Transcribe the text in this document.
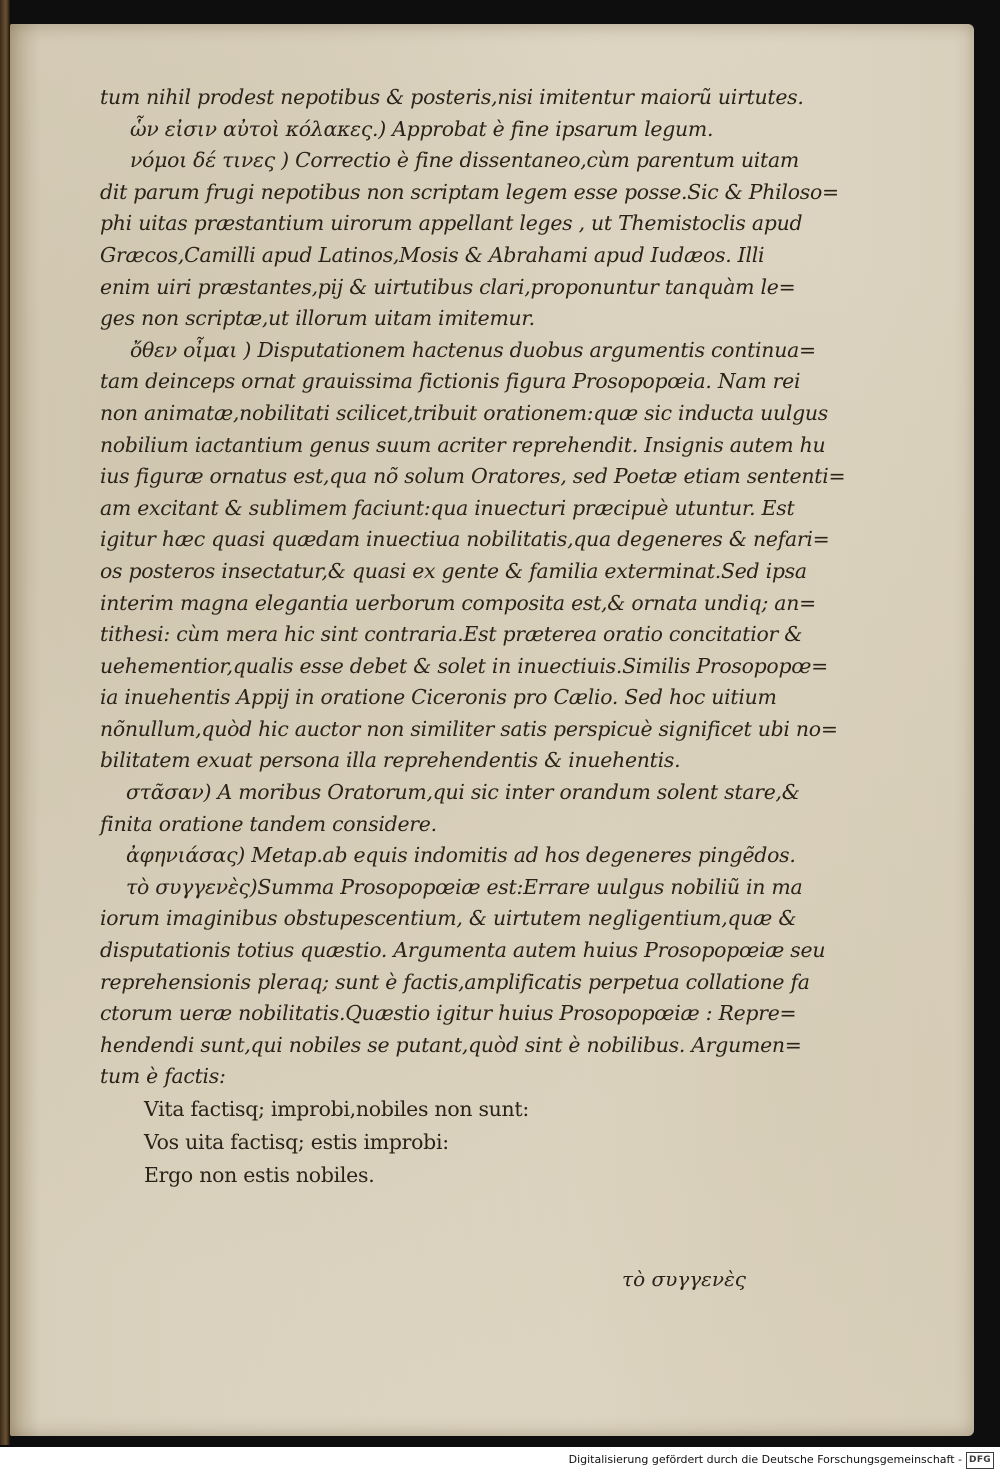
tum nihil prodest nepotibus & posteris,nisi imitentur maiorũ uirtutes.
ὧν εἰσιν αὐτοὶ κόλακες.) Approbat è fine ipsarum legum.
νόμοι δέ τινες ) Correctio è fine dissentaneo,cùm parentum uitam
dit parum frugi nepotibus non scriptam legem esse posse.Sic & Philoso=
phi uitas præstantium uirorum appellant leges , ut Themistoclis apud
Græcos,Camilli apud Latinos,Mosis & Abrahami apud Iudæos. Illi
enim uiri præstantes,pij & uirtutibus clari,proponuntur tanquàm le=
ges non scriptæ,ut illorum uitam imitemur.
ὄθεν οἶμαι ) Disputationem hactenus duobus argumentis continua=
tam deinceps ornat grauissima fictionis figura Prosopopœia. Nam rei
non animatæ,nobilitati scilicet,tribuit orationem:quæ sic inducta uulgus
nobilium iactantium genus suum acriter reprehendit. Insignis autem hu
ius figuræ ornatus est,qua nõ solum Oratores, sed Poetæ etiam sententi=
am excitant & sublimem faciunt:qua inuecturi præcipuè utuntur. Est
igitur hæc quasi quædam inuectiua nobilitatis,qua degeneres & nefari=
os posteros insectatur,& quasi ex gente & familia exterminat.Sed ipsa
interim magna elegantia uerborum composita est,& ornata undiq; an=
tithesi: cùm mera hic sint contraria.Est præterea oratio concitatior &
uehementior,qualis esse debet & solet in inuectiuis.Similis Prosopopœ=
ia inuehentis Appij in oratione Ciceronis pro Cælio. Sed hoc uitium
nõnullum,quòd hic auctor non similiter satis perspicuè significet ubi no=
bilitatem exuat persona illa reprehendentis & inuehentis.
στᾶσαν) A moribus Oratorum,qui sic inter orandum solent stare,&
finita oratione tandem considere.
ἀφηνιάσας) Metap.ab equis indomitis ad hos degeneres pingẽdos.
τὸ συγγενὲς)Summa Prosopopœiæ est:Errare uulgus nobiliũ in ma
iorum imaginibus obstupescentium, & uirtutem negligentium,quæ &
disputationis totius quæstio. Argumenta autem huius Prosopopœiæ seu
reprehensionis pleraq; sunt è factis,amplificatis perpetua collatione fa
ctorum ueræ nobilitatis.Quæstio igitur huius Prosopopœiæ : Repre=
hendendi sunt,qui nobiles se putant,quòd sint è nobilibus. Argumen=
tum è factis:
Vita factisq; improbi,nobiles non sunt:
Vos uita factisq; estis improbi:
Ergo non estis nobiles.
τὸ συγγενὲς
Digitalisierung gefördert durch die Deutsche Forschungsgemeinschaft - DFG
